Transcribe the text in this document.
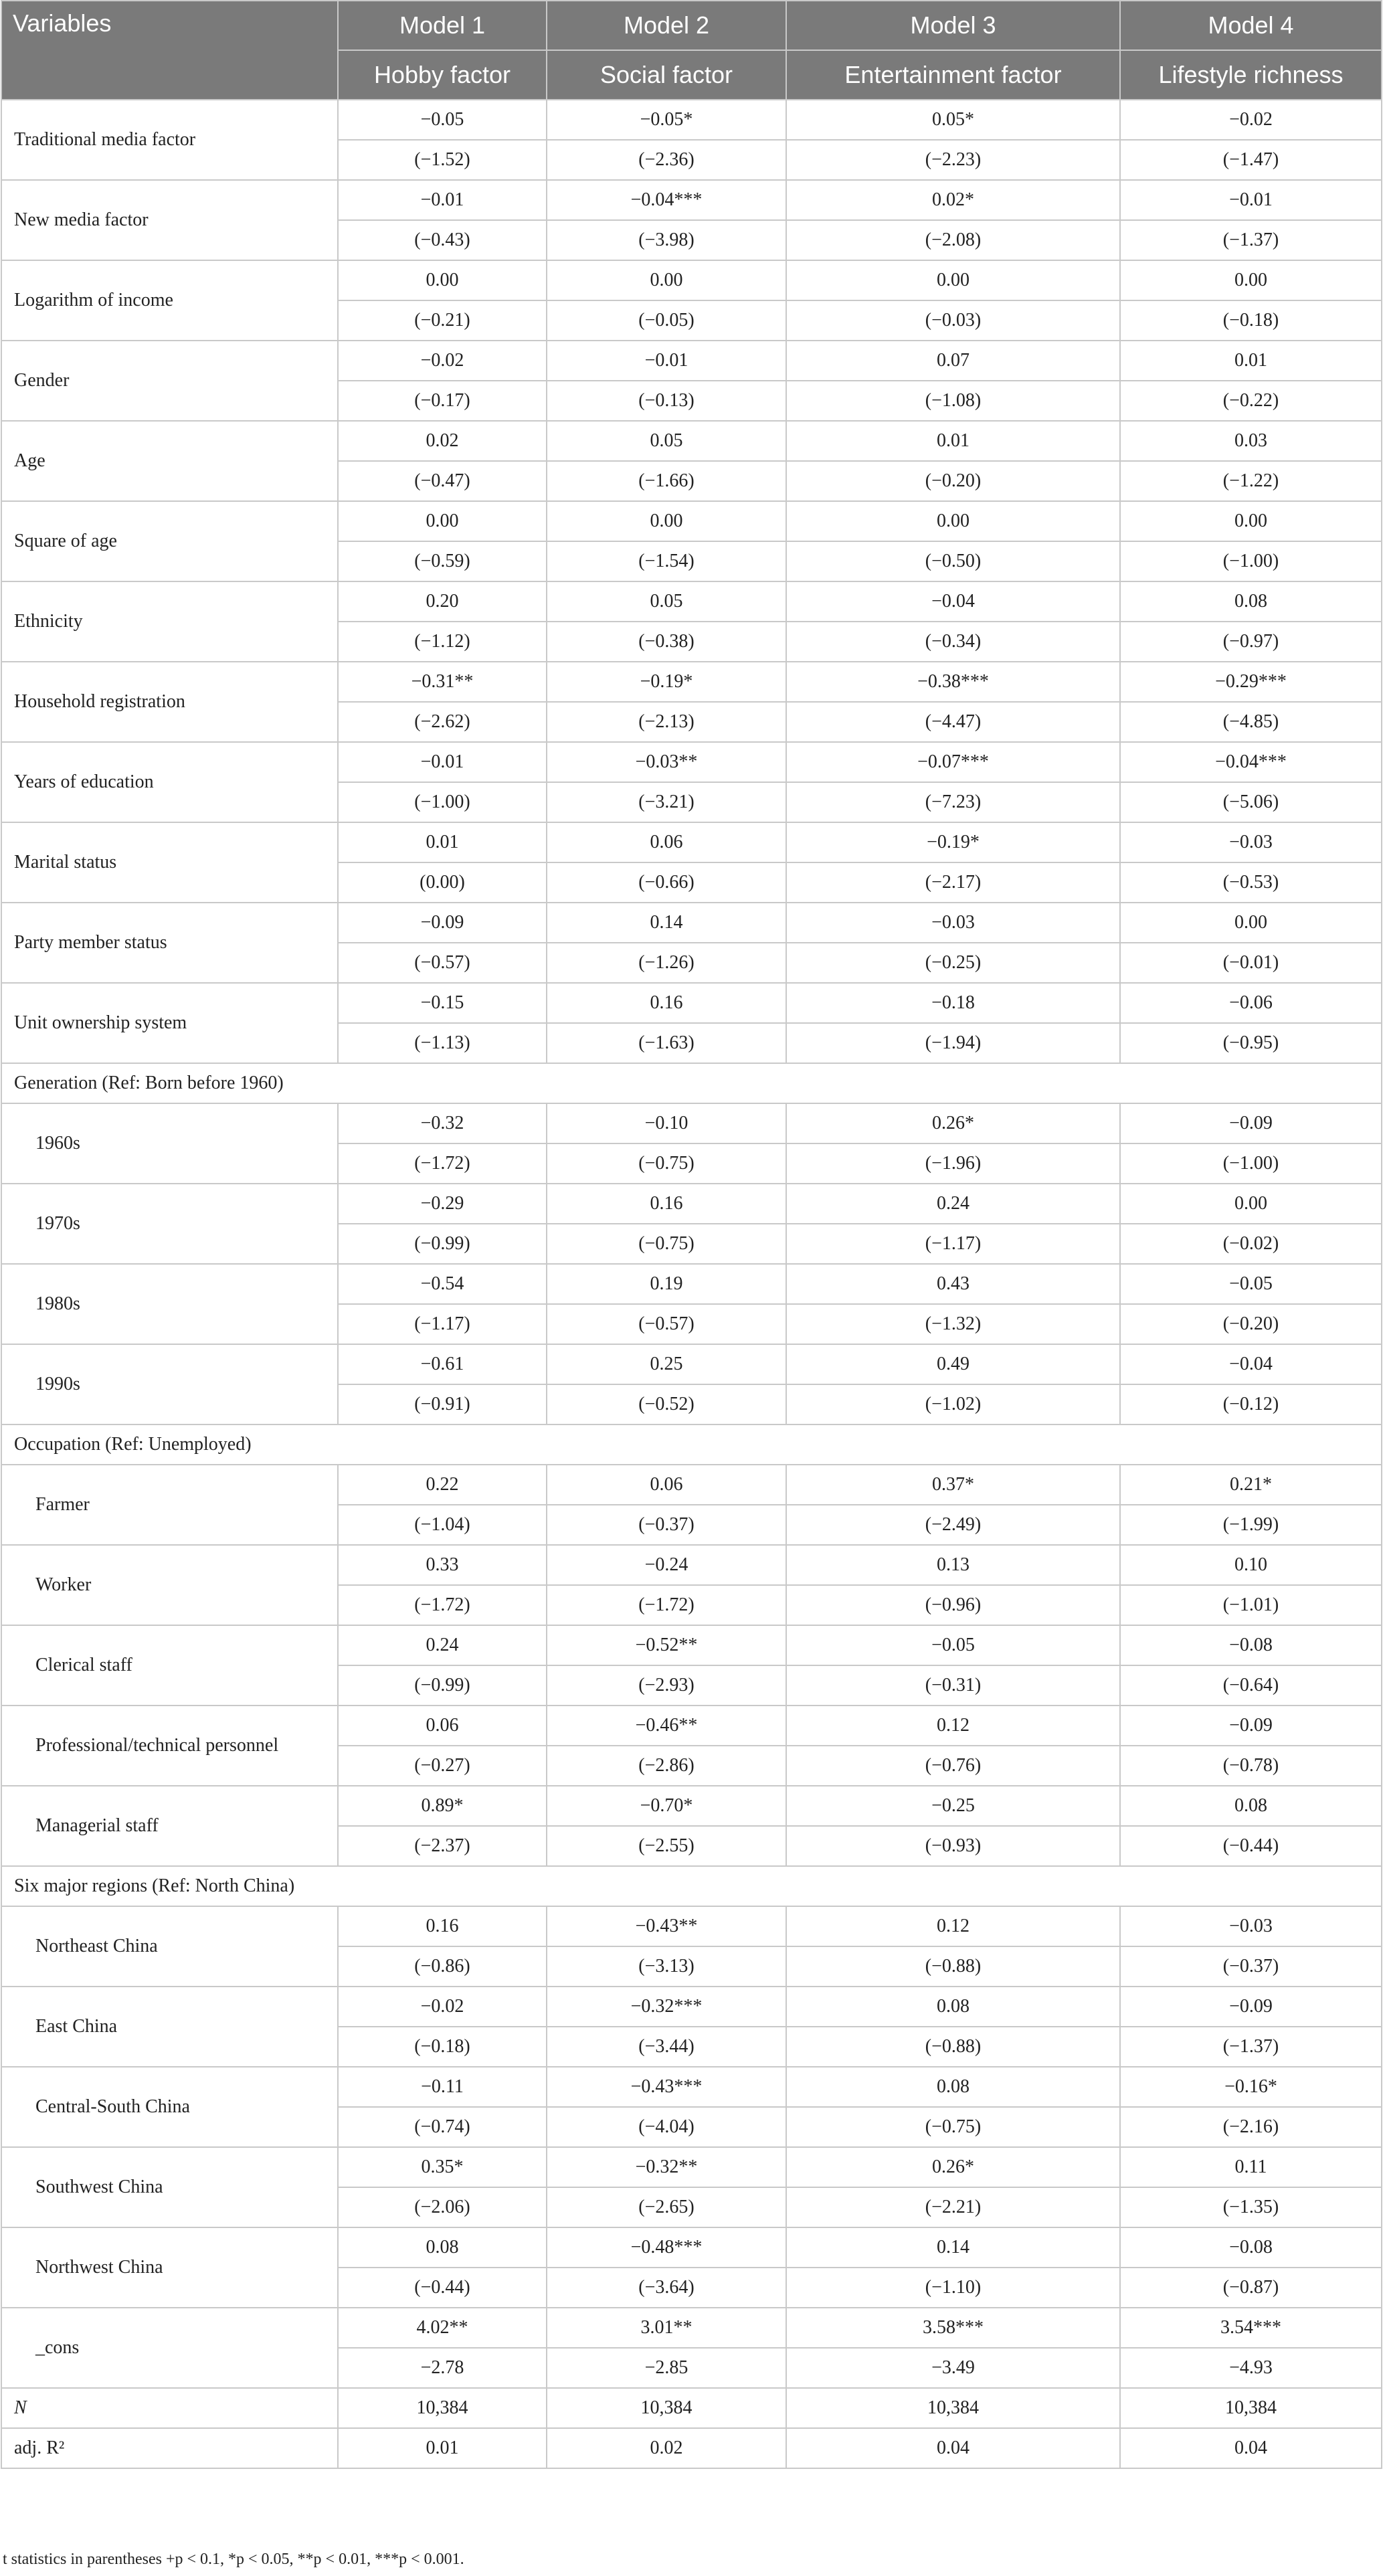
Variables	Model 1	Model 2	Model 3	Model 4
	Hobby factor	Social factor	Entertainment factor	Lifestyle richness
Traditional media factor	−0.05	−0.05*	0.05*	−0.02
	(−1.52)	(−2.36)	(−2.23)	(−1.47)
New media factor	−0.01	−0.04***	0.02*	−0.01
	(−0.43)	(−3.98)	(−2.08)	(−1.37)
Logarithm of income	0.00	0.00	0.00	0.00
	(−0.21)	(−0.05)	(−0.03)	(−0.18)
Gender	−0.02	−0.01	0.07	0.01
	(−0.17)	(−0.13)	(−1.08)	(−0.22)
Age	0.02	0.05	0.01	0.03
	(−0.47)	(−1.66)	(−0.20)	(−1.22)
Square of age	0.00	0.00	0.00	0.00
	(−0.59)	(−1.54)	(−0.50)	(−1.00)
Ethnicity	0.20	0.05	−0.04	0.08
	(−1.12)	(−0.38)	(−0.34)	(−0.97)
Household registration	−0.31**	−0.19*	−0.38***	−0.29***
	(−2.62)	(−2.13)	(−4.47)	(−4.85)
Years of education	−0.01	−0.03**	−0.07***	−0.04***
	(−1.00)	(−3.21)	(−7.23)	(−5.06)
Marital status	0.01	0.06	−0.19*	−0.03
	(0.00)	(−0.66)	(−2.17)	(−0.53)
Party member status	−0.09	0.14	−0.03	0.00
	(−0.57)	(−1.26)	(−0.25)	(−0.01)
Unit ownership system	−0.15	0.16	−0.18	−0.06
	(−1.13)	(−1.63)	(−1.94)	(−0.95)
Generation (Ref: Born before 1960)				
1960s	−0.32	−0.10	0.26*	−0.09
	(−1.72)	(−0.75)	(−1.96)	(−1.00)
1970s	−0.29	0.16	0.24	0.00
	(−0.99)	(−0.75)	(−1.17)	(−0.02)
1980s	−0.54	0.19	0.43	−0.05
	(−1.17)	(−0.57)	(−1.32)	(−0.20)
1990s	−0.61	0.25	0.49	−0.04
	(−0.91)	(−0.52)	(−1.02)	(−0.12)
Occupation (Ref: Unemployed)				
Farmer	0.22	0.06	0.37*	0.21*
	(−1.04)	(−0.37)	(−2.49)	(−1.99)
Worker	0.33	−0.24	0.13	0.10
	(−1.72)	(−1.72)	(−0.96)	(−1.01)
Clerical staff	0.24	−0.52**	−0.05	−0.08
	(−0.99)	(−2.93)	(−0.31)	(−0.64)
Professional/technical personnel	0.06	−0.46**	0.12	−0.09
	(−0.27)	(−2.86)	(−0.76)	(−0.78)
Managerial staff	0.89*	−0.70*	−0.25	0.08
	(−2.37)	(−2.55)	(−0.93)	(−0.44)
Six major regions (Ref: North China)				
Northeast China	0.16	−0.43**	0.12	−0.03
	(−0.86)	(−3.13)	(−0.88)	(−0.37)
East China	−0.02	−0.32***	0.08	−0.09
	(−0.18)	(−3.44)	(−0.88)	(−1.37)
Central-South China	−0.11	−0.43***	0.08	−0.16*
	(−0.74)	(−4.04)	(−0.75)	(−2.16)
Southwest China	0.35*	−0.32**	0.26*	0.11
	(−2.06)	(−2.65)	(−2.21)	(−1.35)
Northwest China	0.08	−0.48***	0.14	−0.08
	(−0.44)	(−3.64)	(−1.10)	(−0.87)
_cons	4.02**	3.01**	3.58***	3.54***
	−2.78	−2.85	−3.49	−4.93
N	10,384	10,384	10,384	10,384
adj. R²	0.01	0.02	0.04	0.04
t statistics in parentheses +p < 0.1, *p < 0.05, **p < 0.01, ***p < 0.001.
